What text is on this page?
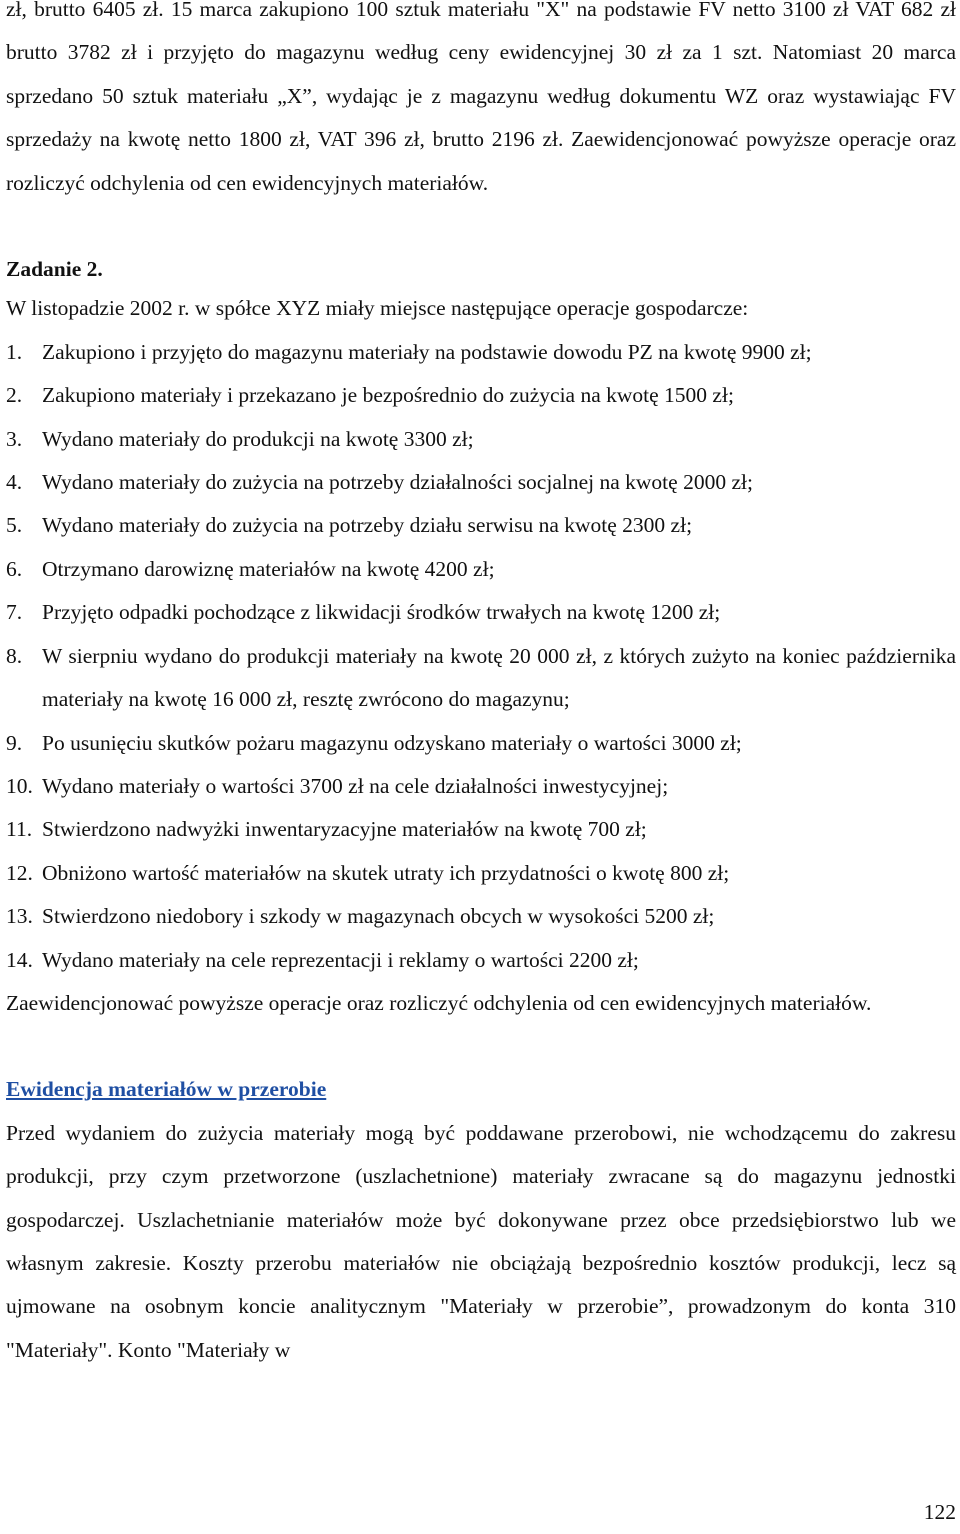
zł, brutto 6405 zł. 15 marca zakupiono 100 sztuk materiału "X" na podstawie FV netto 3100 zł VAT 682 zł brutto 3782 zł i przyjęto do magazynu według ceny ewidencyjnej 30 zł za 1 szt. Natomiast 20 marca sprzedano 50 sztuk materiału „X”, wydając je z magazynu według dokumentu WZ oraz wystawiając FV sprzedaży na kwotę netto 1800 zł, VAT 396 zł, brutto 2196 zł. Zaewidencjonować powyższe operacje oraz rozliczyć odchylenia od cen ewidencyjnych materiałów.

Zadanie 2.
W listopadzie 2002 r. w spółce XYZ miały miejsce następujące operacje gospodarcze:
1. Zakupiono i przyjęto do magazynu materiały na podstawie dowodu PZ na kwotę 9900 zł;
2. Zakupiono materiały i przekazano je bezpośrednio do zużycia na kwotę 1500 zł;
3. Wydano materiały do produkcji na kwotę 3300 zł;
4. Wydano materiały do zużycia na potrzeby działalności socjalnej na kwotę 2000 zł;
5. Wydano materiały do zużycia na potrzeby działu serwisu na kwotę 2300 zł;
6. Otrzymano darowiznę materiałów na kwotę 4200 zł;
7. Przyjęto odpadki pochodzące z likwidacji środków trwałych na kwotę 1200 zł;
8. W sierpniu wydano do produkcji materiały na kwotę 20 000 zł, z których zużyto na koniec października materiały na kwotę 16 000 zł, resztę zwrócono do magazynu;
9. Po usunięciu skutków pożaru magazynu odzyskano materiały o wartości 3000 zł;
10. Wydano materiały o wartości 3700 zł na cele działalności inwestycyjnej;
11. Stwierdzono nadwyżki inwentaryzacyjne materiałów na kwotę 700 zł;
12. Obniżono wartość materiałów na skutek utraty ich przydatności o kwotę 800 zł;
13. Stwierdzono niedobory i szkody w magazynach obcych w wysokości 5200 zł;
14. Wydano materiały na cele reprezentacji i reklamy o wartości 2200 zł;

Zaewidencjonować powyższe operacje oraz rozliczyć odchylenia od cen ewidencyjnych materiałów.

Ewidencja materiałów w przerobie

Przed wydaniem do zużycia materiały mogą być poddawane przerobowi, nie wchodzącemu do zakresu produkcji, przy czym przetworzone (uszlachetnione) materiały zwracane są do magazynu jednostki gospodarczej. Uszlachetnianie materiałów może być dokonywane przez obce przedsiębiorstwo lub we własnym zakresie. Koszty przerobu materiałów nie obciążają bezpośrednio kosztów produkcji, lecz są ujmowane na osobnym koncie analitycznym "Materiały w przerobie”, prowadzonym do konta 310 "Materiały". Konto "Materiały w

122
